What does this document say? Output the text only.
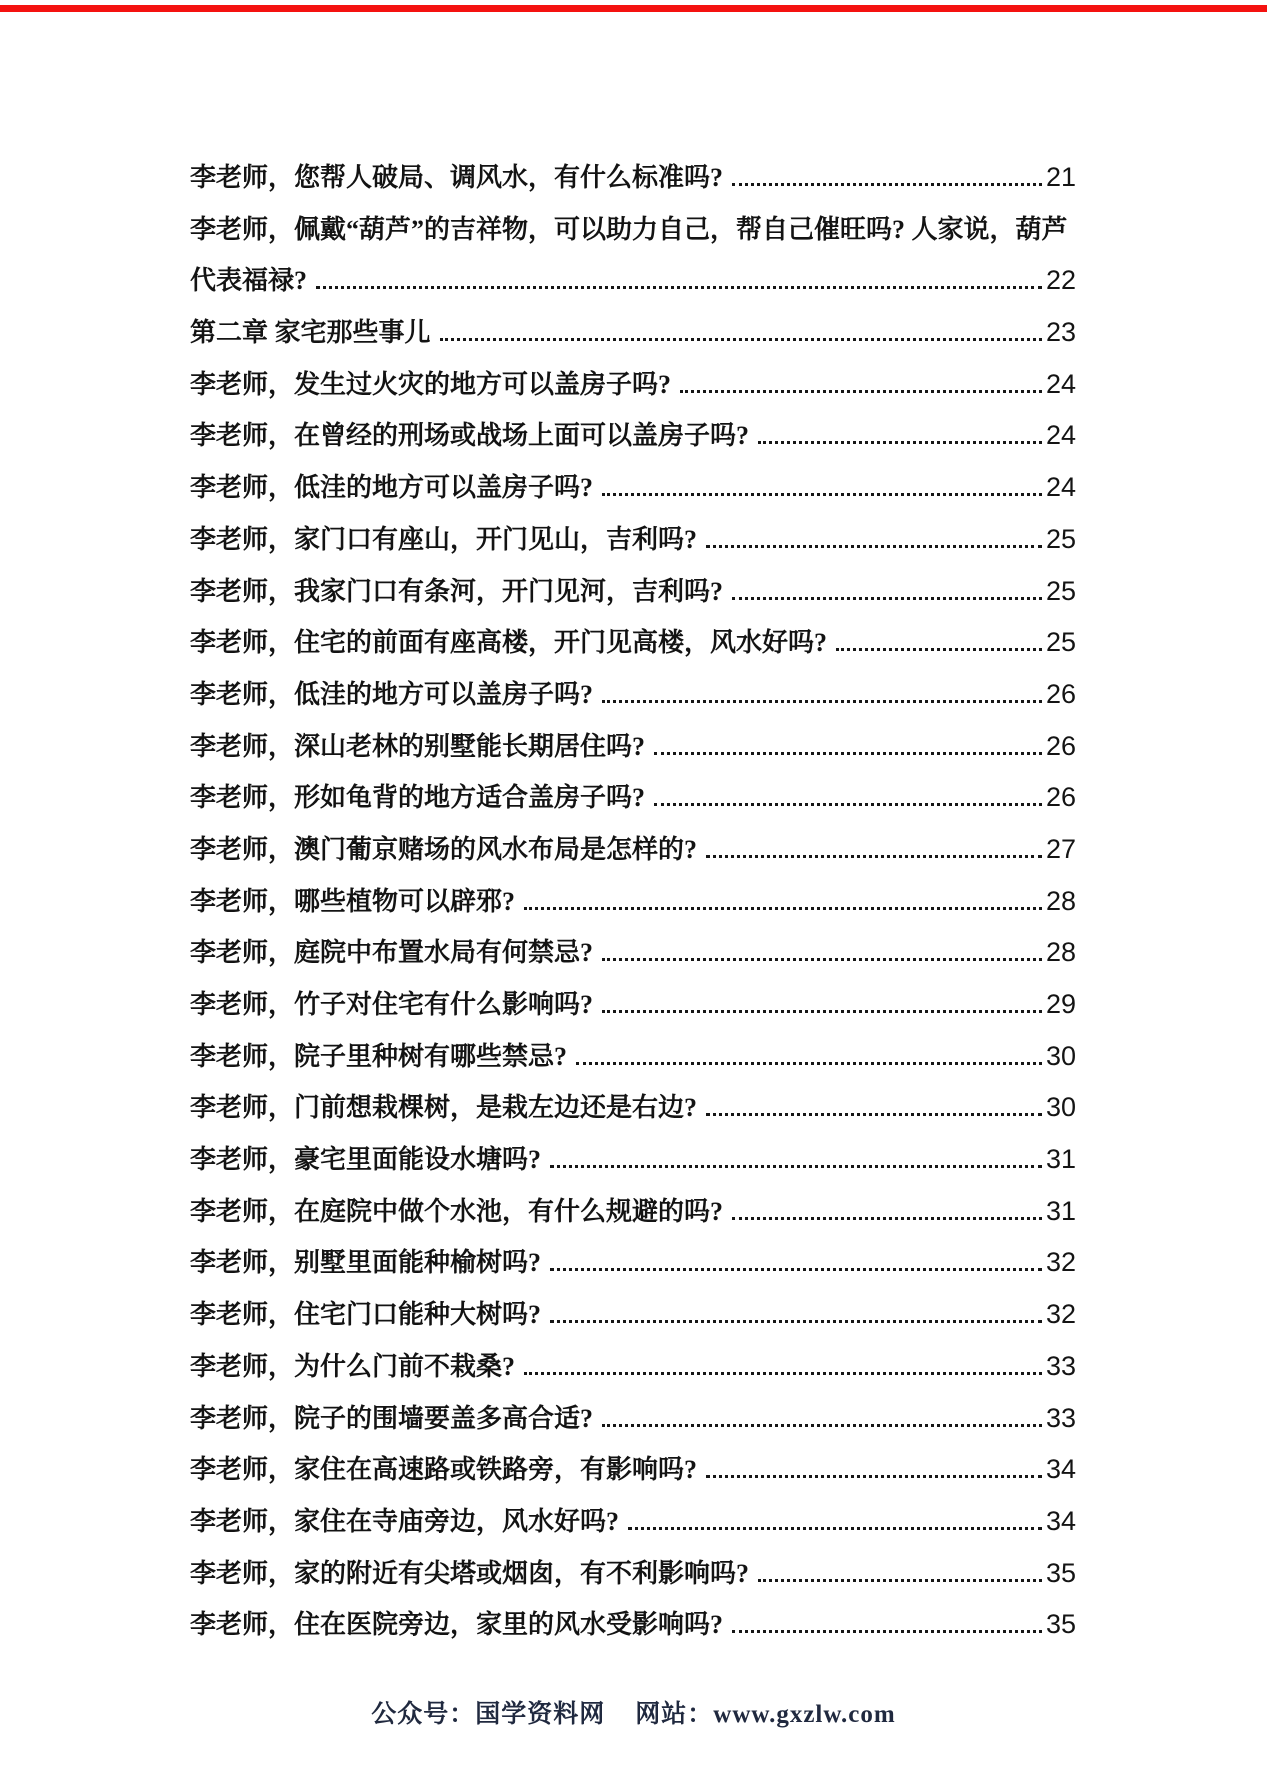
李老师，您帮人破局、调风水，有什么标准吗?	21
李老师，佩戴“葫芦”的吉祥物，可以助力自己，帮自己催旺吗? 人家说，葫芦
代表福禄?	22
第二章 家宅那些事儿	23
李老师，发生过火灾的地方可以盖房子吗?	24
李老师，在曾经的刑场或战场上面可以盖房子吗?	24
李老师，低洼的地方可以盖房子吗?	24
李老师，家门口有座山，开门见山，吉利吗?	25
李老师，我家门口有条河，开门见河，吉利吗?	25
李老师，住宅的前面有座高楼，开门见高楼，风水好吗?	25
李老师，低洼的地方可以盖房子吗?	26
李老师，深山老林的别墅能长期居住吗?	26
李老师，形如龟背的地方适合盖房子吗?	26
李老师，澳门葡京赌场的风水布局是怎样的?	27
李老师，哪些植物可以辟邪?	28
李老师，庭院中布置水局有何禁忌?	28
李老师，竹子对住宅有什么影响吗?	29
李老师，院子里种树有哪些禁忌?	30
李老师，门前想栽棵树，是栽左边还是右边?	30
李老师，豪宅里面能设水塘吗?	31
李老师，在庭院中做个水池，有什么规避的吗?	31
李老师，别墅里面能种榆树吗?	32
李老师，住宅门口能种大树吗?	32
李老师，为什么门前不栽桑?	33
李老师，院子的围墙要盖多高合适?	33
李老师，家住在高速路或铁路旁，有影响吗?	34
李老师，家住在寺庙旁边，风水好吗?	34
李老师，家的附近有尖塔或烟囱，有不利影响吗?	35
李老师，住在医院旁边，家里的风水受影响吗?	35
公众号：国学资料网 网站：www.gxzlw.com
